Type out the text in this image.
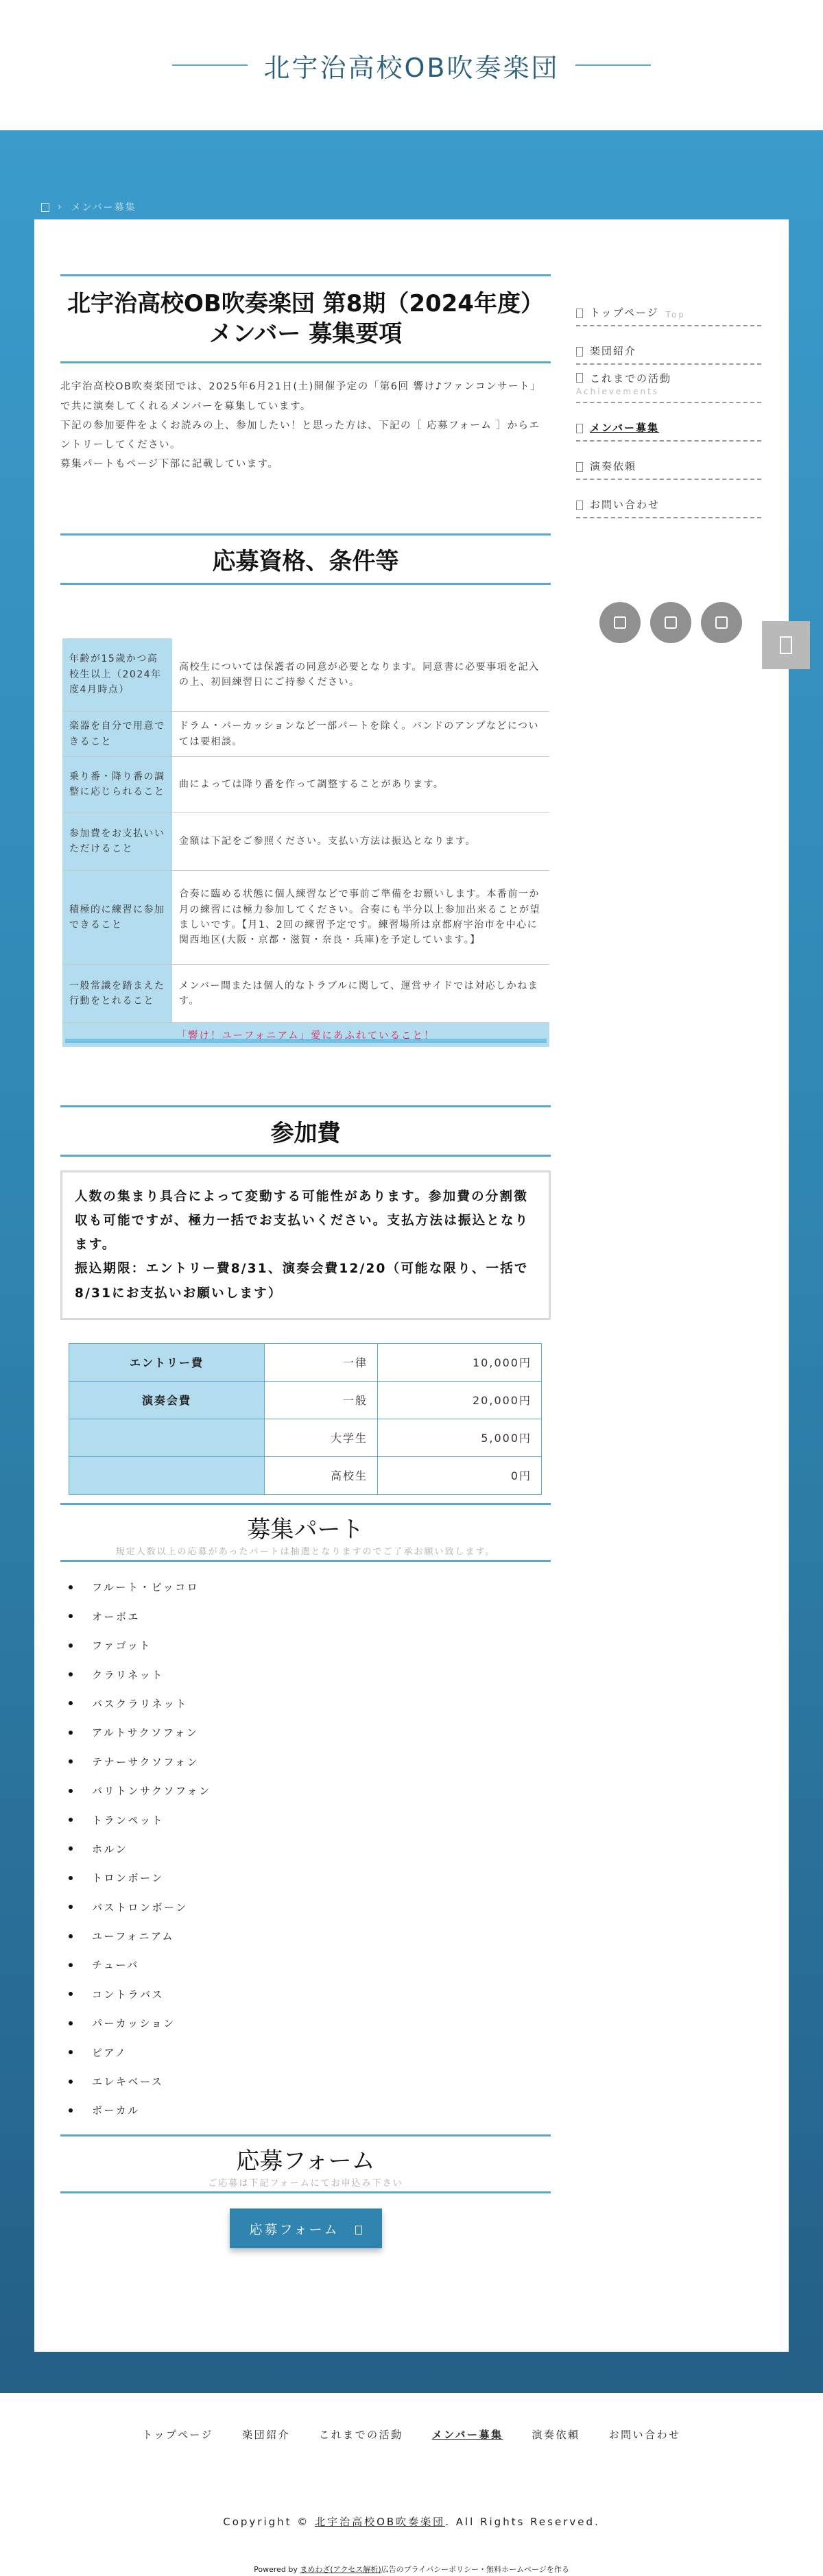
北宇治高校OB吹奏楽団
› メンバー募集
北宇治高校OB吹奏楽団 第8期（2024年度）メンバー 募集要項

北宇治高校OB吹奏楽団では、2025年6月21日(土)開催予定の「第6回 響け♪ファンコンサート」で共に演奏してくれるメンバーを募集しています。

下記の参加要件をよくお読みの上、参加したい！と思った方は、下記の［ 応募フォーム ］からエントリーしてください。

募集パートもページ下部に記載しています。

応募資格、条件等
年齢が15歳かつ高校生以上（2024年度4月時点）	高校生については保護者の同意が必要となります。同意書に必要事項を記入の上、初回練習日にご持参ください。
楽器を自分で用意できること	ドラム・パーカッションなど一部パートを除く。バンドのアンプなどについては要相談。
乗り番・降り番の調整に応じられること	曲によっては降り番を作って調整することがあります。
参加費をお支払いいただけること	金額は下記をご参照ください。支払い方法は振込となります。
積極的に練習に参加できること	合奏に臨める状態に個人練習などで事前ご準備をお願いします。本番前一か月の練習には極力参加してください。合奏にも半分以上参加出来ることが望ましいです。【月1、2回の練習予定です。練習場所は京都府宇治市を中心に関西地区(大阪・京都・滋賀・奈良・兵庫)を予定しています。】
一般常識を踏まえた行動をとれること	メンバー間または個人的なトラブルに関して、運営サイドでは対応しかねます。
「響け！ユーフォニアム」愛にあふれていること！
参加費

人数の集まり具合によって変動する可能性があります。参加費の分割徴収も可能ですが、極力一括でお支払いください。支払方法は振込となります。

振込期限：エントリー費8/31、演奏会費12/20（可能な限り、一括で8/31にお支払いお願いします）

エントリー費	一律	10,000円
演奏会費	一般	20,000円
	大学生	5,000円
	高校生	0円
募集パート

規定人数以上の応募があったパートは抽選となりますのでご了承お願い致します。

フルート・ピッコロ
オーボエ
ファゴット
クラリネット
バスクラリネット
アルトサクソフォン
テナーサクソフォン
バリトンサクソフォン
トランペット
ホルン
トロンボーン
バストロンボーン
ユーフォニアム
チューバ
コントラバス
パーカッション
ピアノ
エレキベース
ボーカル
応募フォーム

ご応募は下記フォームにてお申込み下さい

応募フォーム
トップページ Top
楽団紹介
これまでの活動
Achievements
メンバー募集
演奏依頼
お問い合わせ
トップページ	楽団紹介	これまでの活動	メンバー募集	演奏依頼	お問い合わせ
Copyright © 北宇治高校OB吹奏楽団. All Rights Reserved.
Powered by まめわざ(アクセス解析)広告のプライバシーポリシー・無料ホームページを作る
